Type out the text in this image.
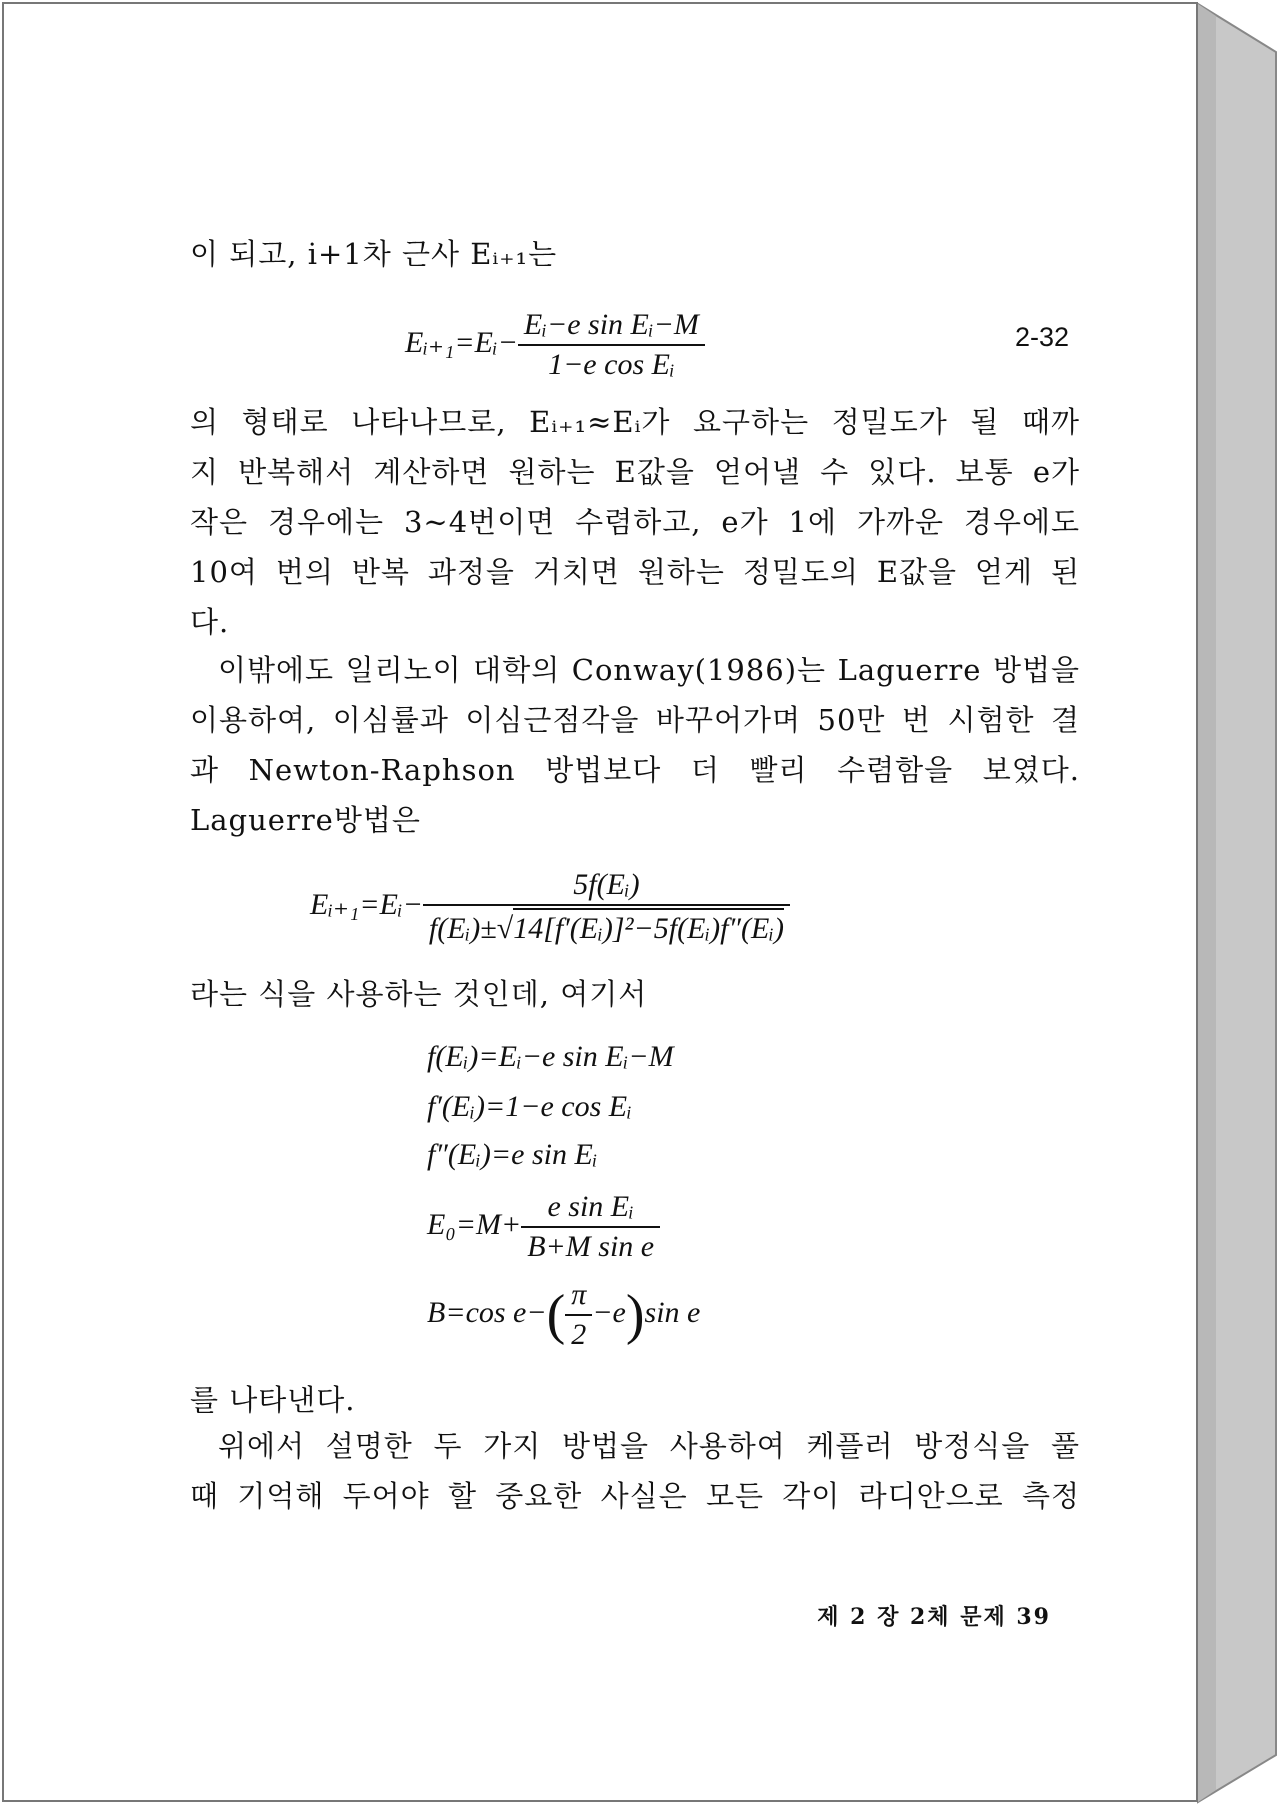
이 되고, i+1차 근사 Eᵢ₊₁는
Eᵢ₊₁=Eᵢ− $\frac{\text{Eᵢ−e sin Eᵢ−M}}{\text{1−e cos Eᵢ}}$	2-32
의 형태로 나타나므로, Eᵢ₊₁≈Eᵢ가 요구하는 정밀도가 될 때까
지 반복해서 계산하면 원하는 E값을 얻어낼 수 있다. 보통 e가
작은 경우에는 3∼4번이면 수렴하고, e가 1에 가까운 경우에도
10여 번의 반복 과정을 거치면 원하는 정밀도의 E값을 얻게 된
다.
이밖에도 일리노이 대학의 Conway(1986)는 Laguerre 방법을
이용하여, 이심률과 이심근점각을 바꾸어가며 50만 번 시험한 결
과 Newton-Raphson 방법보다 더 빨리 수렴함을 보였다.
Laguerre방법은
Eᵢ₊₁=Eᵢ− $\frac{\text{5f(Eᵢ)}}{\text{f(Eᵢ)±√14[f′(Eᵢ)]²−5f(Eᵢ)f″(Eᵢ)}}$
라는 식을 사용하는 것인데, 여기서
f(Eᵢ)=Eᵢ−e sin Eᵢ−M
f′(Eᵢ)=1−e cos Eᵢ
f″(Eᵢ)=e sin Eᵢ
$E_0=M+ \frac{\text{e sin Eᵢ}}{\text{B+M sin e}}$
B=cos $e-( \frac{\pi}{2} -e)\sin$ e
를 나타낸다.
위에서 설명한 두 가지 방법을 사용하여 케플러 방정식을 풀
때 기억해 두어야 할 중요한 사실은 모든 각이 라디안으로 측정
제 2 장 2체 문제 39
